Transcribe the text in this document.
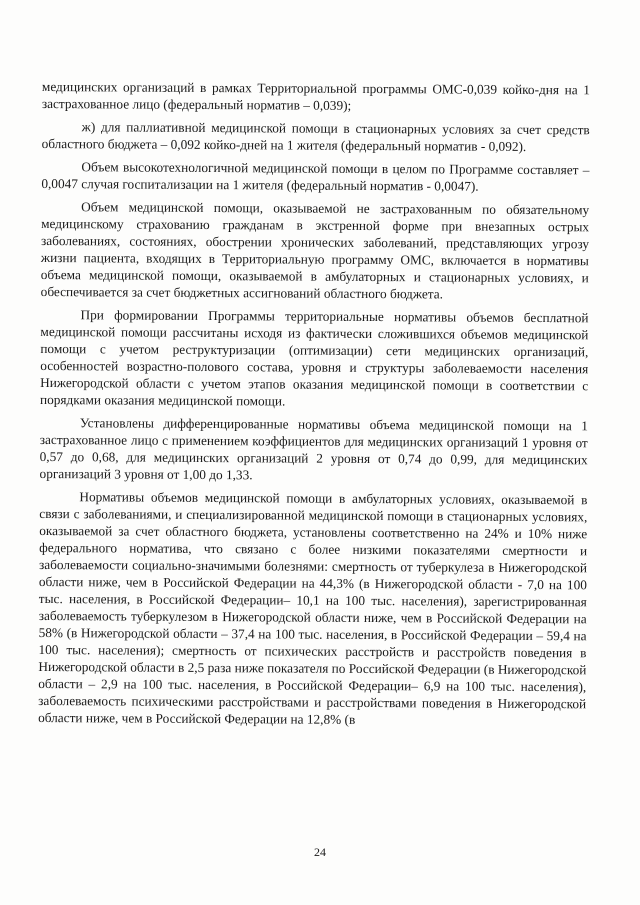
медицинских организаций в рамках Территориальной программы ОМС-0,039 койко-дня на 1 застрахованное лицо (федеральный норматив – 0,039);

ж) для паллиативной медицинской помощи в стационарных условиях за счет средств областного бюджета – 0,092 койко-дней на 1 жителя (федеральный норматив - 0,092).

Объем высокотехнологичной медицинской помощи в целом по Программе составляет – 0,0047 случая госпитализации на 1 жителя (федеральный норматив - 0,0047).

Объем медицинской помощи, оказываемой не застрахованным по обязательному медицинскому страхованию гражданам в экстренной форме при внезапных острых заболеваниях, состояниях, обострении хронических заболеваний, представляющих угрозу жизни пациента, входящих в Территориальную программу ОМС, включается в нормативы объема медицинской помощи, оказываемой в амбулаторных и стационарных условиях, и обеспечивается за счет бюджетных ассигнований областного бюджета.

При формировании Программы территориальные нормативы объемов бесплатной медицинской помощи рассчитаны исходя из фактически сложившихся объемов медицинской помощи с учетом реструктуризации (оптимизации) сети медицинских организаций, особенностей возрастно-полового состава, уровня и структуры заболеваемости населения Нижегородской области с учетом этапов оказания медицинской помощи в соответствии с порядками оказания медицинской помощи.

Установлены дифференцированные нормативы объема медицинской помощи на 1 застрахованное лицо с применением коэффициентов для медицинских организаций 1 уровня от 0,57 до 0,68, для медицинских организаций 2 уровня от 0,74 до 0,99, для медицинских организаций 3 уровня от 1,00 до 1,33.

Нормативы объемов медицинской помощи в амбулаторных условиях, оказываемой в связи с заболеваниями, и специализированной медицинской помощи в стационарных условиях, оказываемой за счет областного бюджета, установлены соответственно на 24% и 10% ниже федерального норматива, что связано с более низкими показателями смертности и заболеваемости социально-значимыми болезнями: смертность от туберкулеза в Нижегородской области ниже, чем в Российской Федерации на 44,3% (в Нижегородской области - 7,0 на 100 тыс. населения, в Российской Федерации– 10,1 на 100 тыс. населения), зарегистрированная заболеваемость туберкулезом в Нижегородской области ниже, чем в Российской Федерации на 58% (в Нижегородской области – 37,4 на 100 тыс. населения, в Российской Федерации – 59,4 на 100 тыс. населения); смертность от психических расстройств и расстройств поведения в Нижегородской области в 2,5 раза ниже показателя по Российской Федерации (в Нижегородской области – 2,9 на 100 тыс. населения, в Российской Федерации– 6,9 на 100 тыс. населения), заболеваемость психическими расстройствами и расстройствами поведения в Нижегородской области ниже, чем в Российской Федерации на 12,8% (в

24
